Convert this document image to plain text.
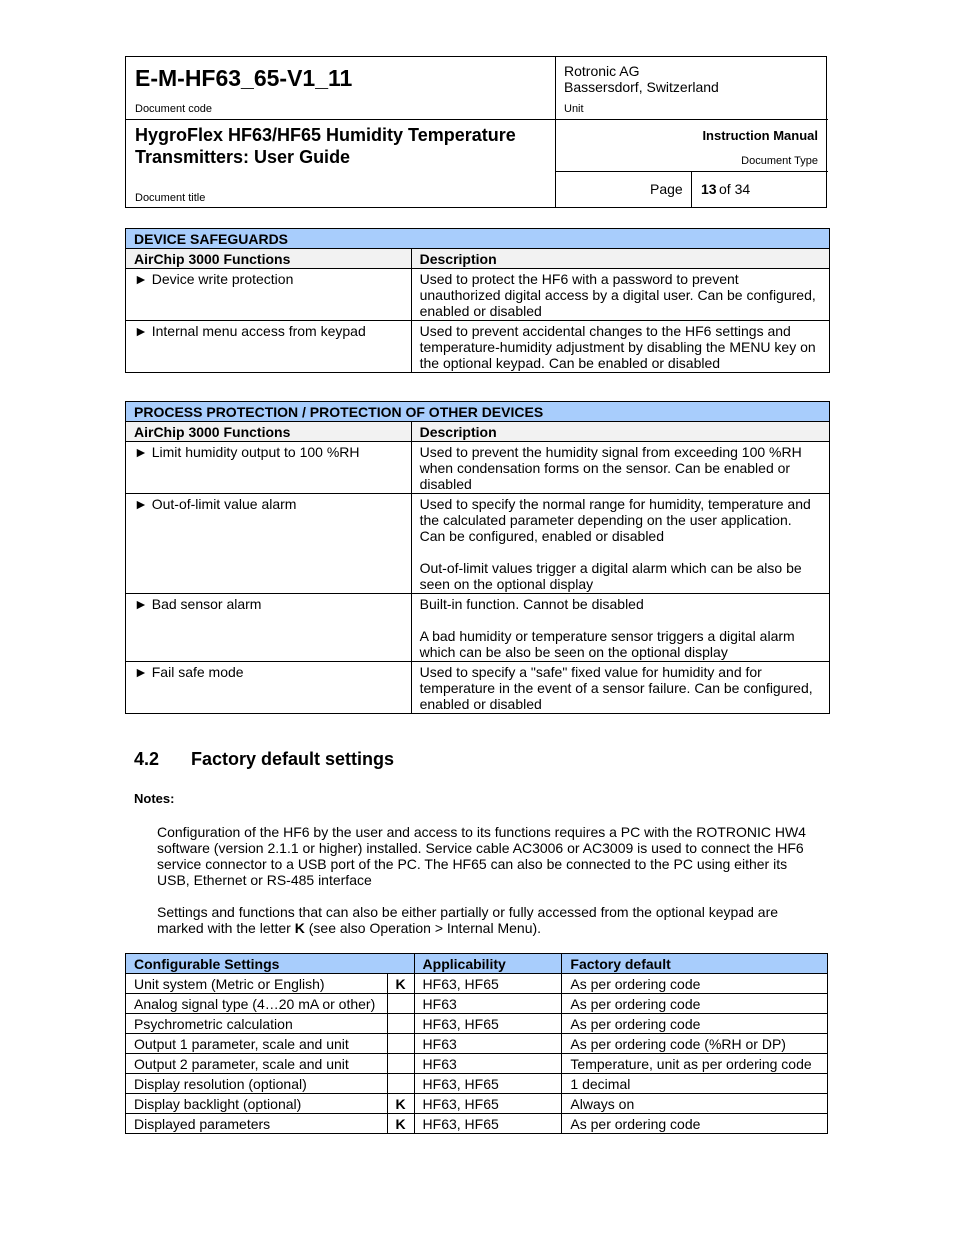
E-M-HF63_65-V1_11
Document code
Rotronic AG
Bassersdorf, Switzerland
Unit
HygroFlex HF63/HF65 Humidity Temperature
Transmitters: User Guide
Document title
Instruction Manual
Document Type
Page 13 of 34
DEVICE SAFEGUARDS	
AirChip 3000 Functions	Description
► Device write protection	Used to protect the HF6 with a password to prevent unauthorized digital access by a digital user. Can be configured, enabled or disabled
► Internal menu access from keypad	Used to prevent accidental changes to the HF6 settings and temperature-humidity adjustment by disabling the MENU key on the optional keypad. Can be enabled or disabled
PROCESS PROTECTION / PROTECTION OF OTHER DEVICES	
AirChip 3000 Functions	Description
► Limit humidity output to 100 %RH	Used to prevent the humidity signal from exceeding 100 %RH when condensation forms on the sensor. Can be enabled or disabled
► Out-of-limit value alarm	Used to specify the normal range for humidity, temperature and the calculated parameter depending on the user application. Can be configured, enabled or disabled
Out-of-limit values trigger a digital alarm which can be also be seen on the optional display

► Bad sensor alarm	Built-in function. Cannot be disabled
A bad humidity or temperature sensor triggers a digital alarm which can be also be seen on the optional display

► Fail safe mode	Used to specify a "safe" fixed value for humidity and for temperature in the event of a sensor failure. Can be configured, enabled or disabled
4.2 Factory default settings
Notes:
Configuration of the HF6 by the user and access to its functions requires a PC with the ROTRONIC HW4 software (version 2.1.1 or higher) installed. Service cable AC3006 or AC3009 is used to connect the HF6 service connector to a USB port of the PC. The HF65 can also be connected to the PC using either its USB, Ethernet or RS-485 interface
Settings and functions that can also be either partially or fully accessed from the optional keypad are marked with the letter K (see also Operation > Internal Menu).
Configurable Settings		Applicability	Factory default
Unit system (Metric or English)	K	HF63, HF65	As per ordering code
Analog signal type (4…20 mA or other)		HF63	As per ordering code
Psychrometric calculation		HF63, HF65	As per ordering code
Output 1 parameter, scale and unit		HF63	As per ordering code (%RH or DP)
Output 2 parameter, scale and unit		HF63	Temperature, unit as per ordering code
Display resolution (optional)		HF63, HF65	1 decimal
Display backlight (optional)	K	HF63, HF65	Always on
Displayed parameters	K	HF63, HF65	As per ordering code
